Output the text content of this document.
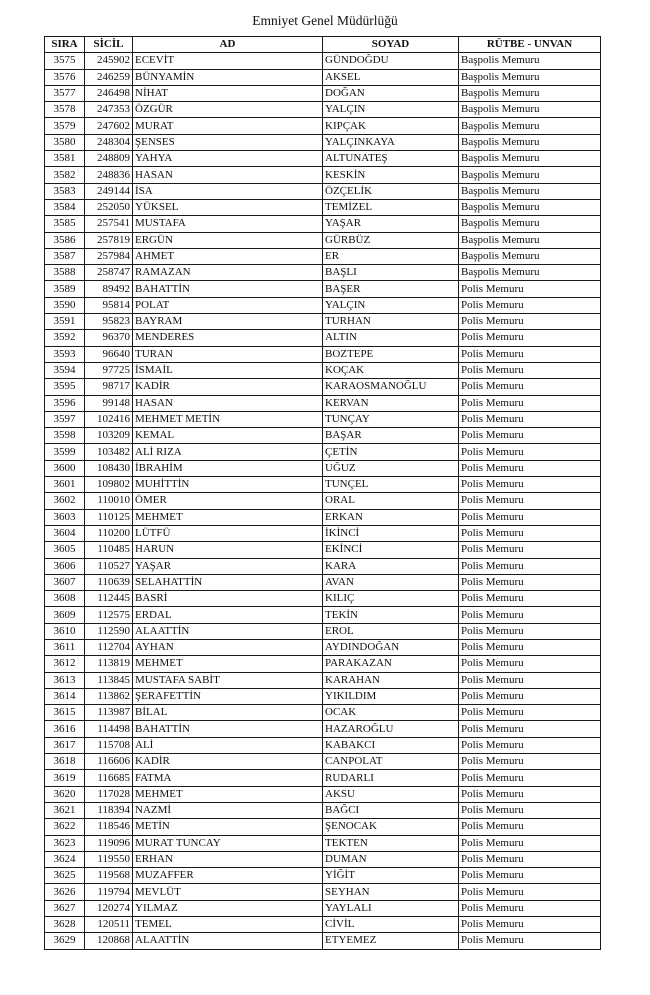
Emniyet Genel Müdürlüğü
SIRA	SİCİL	AD	SOYAD	RÜTBE - UNVAN
3575	245902	ECEVİT	GÜNDOĞDU	Başpolis Memuru
3576	246259	BÜNYAMİN	AKSEL	Başpolis Memuru
3577	246498	NİHAT	DOĞAN	Başpolis Memuru
3578	247353	ÖZGÜR	YALÇIN	Başpolis Memuru
3579	247602	MURAT	KIPÇAK	Başpolis Memuru
3580	248304	ŞENSES	YALÇINKAYA	Başpolis Memuru
3581	248809	YAHYA	ALTUNATEŞ	Başpolis Memuru
3582	248836	HASAN	KESKİN	Başpolis Memuru
3583	249144	İSA	ÖZÇELİK	Başpolis Memuru
3584	252050	YÜKSEL	TEMİZEL	Başpolis Memuru
3585	257541	MUSTAFA	YAŞAR	Başpolis Memuru
3586	257819	ERGÜN	GÜRBÜZ	Başpolis Memuru
3587	257984	AHMET	ER	Başpolis Memuru
3588	258747	RAMAZAN	BAŞLI	Başpolis Memuru
3589	89492	BAHATTİN	BAŞER	Polis Memuru
3590	95814	POLAT	YALÇIN	Polis Memuru
3591	95823	BAYRAM	TURHAN	Polis Memuru
3592	96370	MENDERES	ALTIN	Polis Memuru
3593	96640	TURAN	BOZTEPE	Polis Memuru
3594	97725	İSMAİL	KOÇAK	Polis Memuru
3595	98717	KADİR	KARAOSMANOĞLU	Polis Memuru
3596	99148	HASAN	KERVAN	Polis Memuru
3597	102416	MEHMET METİN	TUNÇAY	Polis Memuru
3598	103209	KEMAL	BAŞAR	Polis Memuru
3599	103482	ALİ RIZA	ÇETİN	Polis Memuru
3600	108430	İBRAHİM	UĞUZ	Polis Memuru
3601	109802	MUHİTTİN	TUNÇEL	Polis Memuru
3602	110010	ÖMER	ORAL	Polis Memuru
3603	110125	MEHMET	ERKAN	Polis Memuru
3604	110200	LÜTFÜ	İKİNCİ	Polis Memuru
3605	110485	HARUN	EKİNCİ	Polis Memuru
3606	110527	YAŞAR	KARA	Polis Memuru
3607	110639	SELAHATTİN	AVAN	Polis Memuru
3608	112445	BASRİ	KILIÇ	Polis Memuru
3609	112575	ERDAL	TEKİN	Polis Memuru
3610	112590	ALAATTİN	EROL	Polis Memuru
3611	112704	AYHAN	AYDINDOĞAN	Polis Memuru
3612	113819	MEHMET	PARAKAZAN	Polis Memuru
3613	113845	MUSTAFA SABİT	KARAHAN	Polis Memuru
3614	113862	ŞERAFETTİN	YIKILDIM	Polis Memuru
3615	113987	BİLAL	OCAK	Polis Memuru
3616	114498	BAHATTİN	HAZAROĞLU	Polis Memuru
3617	115708	ALİ	KABAKCI	Polis Memuru
3618	116606	KADİR	CANPOLAT	Polis Memuru
3619	116685	FATMA	RUDARLI	Polis Memuru
3620	117028	MEHMET	AKSU	Polis Memuru
3621	118394	NAZMİ	BAĞCI	Polis Memuru
3622	118546	METİN	ŞENOCAK	Polis Memuru
3623	119096	MURAT TUNCAY	TEKTEN	Polis Memuru
3624	119550	ERHAN	DUMAN	Polis Memuru
3625	119568	MUZAFFER	YİĞİT	Polis Memuru
3626	119794	MEVLÜT	SEYHAN	Polis Memuru
3627	120274	YILMAZ	YAYLALI	Polis Memuru
3628	120511	TEMEL	CİVİL	Polis Memuru
3629	120868	ALAATTİN	ETYEMEZ	Polis Memuru
